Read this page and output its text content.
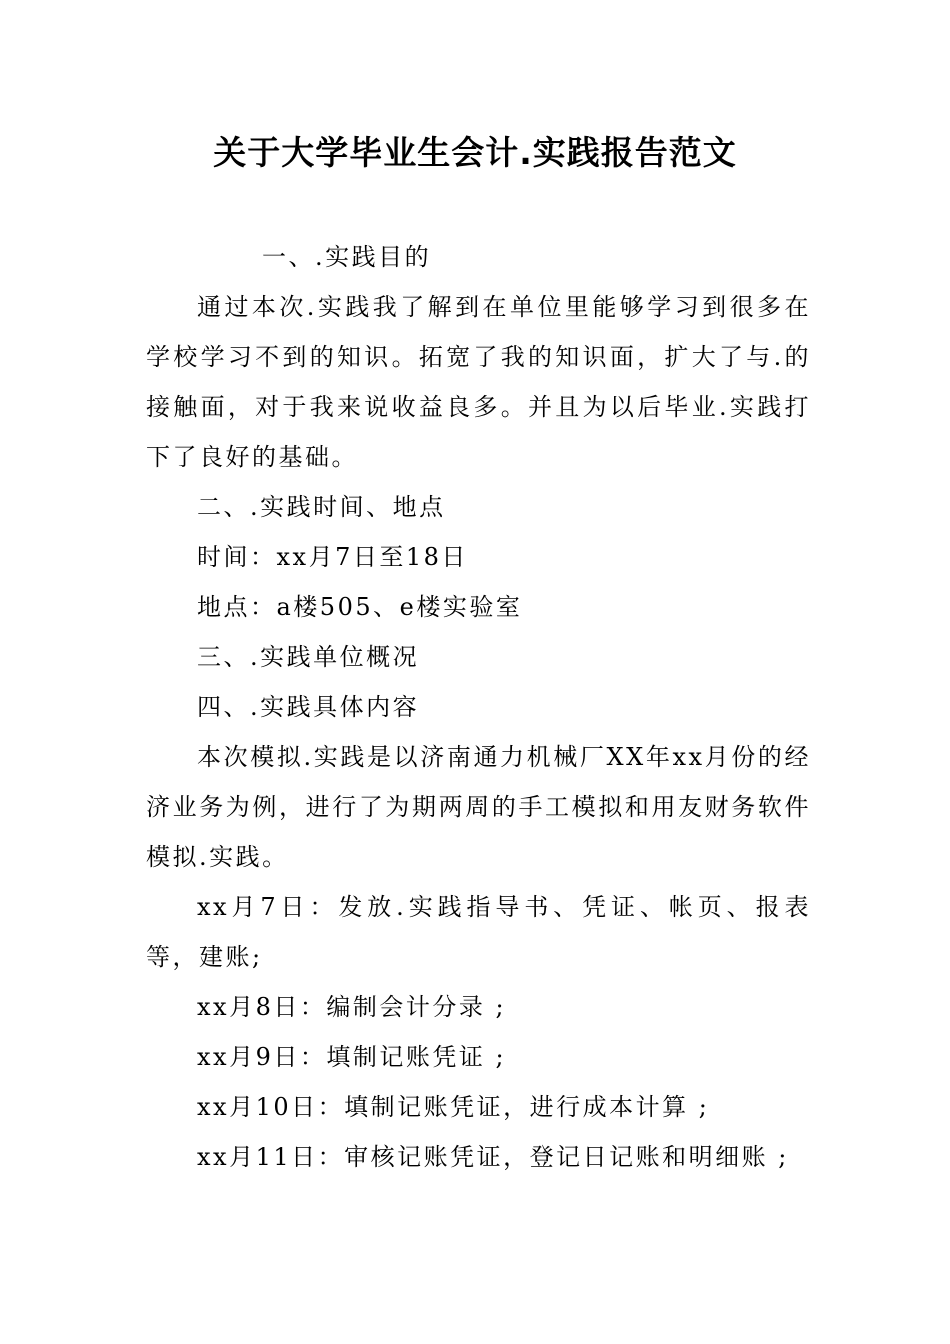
关于大学毕业生会计.实践报告范文

一、.实践目的

通过本次.实践我了解到在单位里能够学习到很多在学校学习不到的知识。拓宽了我的知识面，扩大了与.的接触面，对于我来说收益良多。并且为以后毕业.实践打下了良好的基础。

二、.实践时间、地点

时间：xx月7日至18日

地点：a楼505、e楼实验室

三、.实践单位概况

四、.实践具体内容

本次模拟.实践是以济南通力机械厂XX年xx月份的经济业务为例，进行了为期两周的手工模拟和用友财务软件模拟.实践。

xx月7日：发放.实践指导书、凭证、帐页、报表等，建账;

xx月8日：编制会计分录 ;

xx月9日：填制记账凭证 ;

xx月10日：填制记账凭证，进行成本计算 ;

xx月11日：审核记账凭证，登记日记账和明细账 ;
